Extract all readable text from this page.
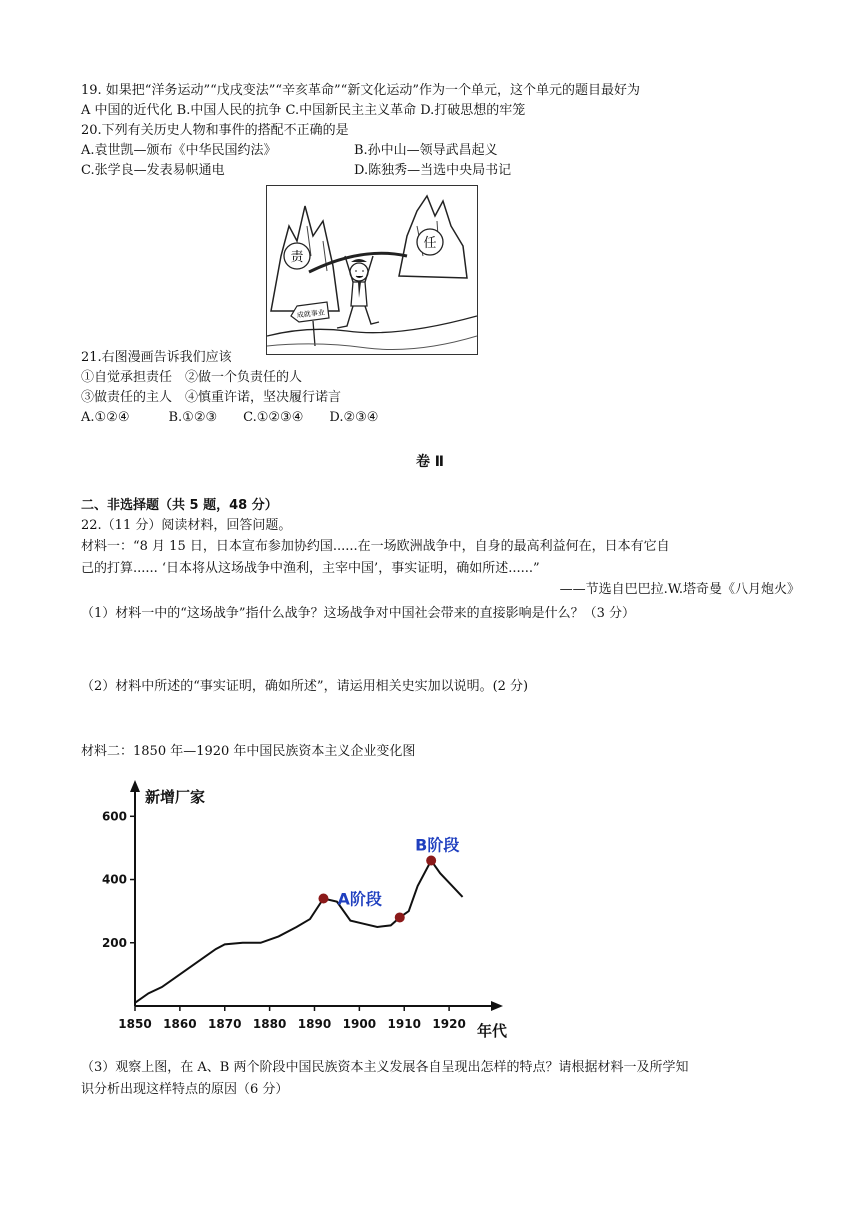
19. 如果把“洋务运动”“戊戌变法”“辛亥革命”“新文化运动”作为一个单元，这个单元的题目最好为
A 中国的近代化 B.中国人民的抗争 C.中国新民主主义革命 D.打破思想的牢笼
20.下列有关历史人物和事件的搭配不正确的是
A.袁世凯—颁布《中华民国约法》	B.孙中山—领导武昌起义
C.张学良—发表易帜通电	D.陈独秀—当选中央局书记
责
任
成就事业
21.右图漫画告诉我们应该
①自觉承担责任　②做一个负责任的人
③做责任的主人　④慎重许诺，坚决履行诺言
A.①②④　　　B.①②③　　C.①②③④　　D.②③④
卷 Ⅱ
二、非选择题（共 5 题，48 分）
22.（11 分）阅读材料，回答问题。
材料一：“8 月 15 日，日本宣布参加协约国......在一场欧洲战争中，自身的最高利益何在，日本有它自
己的打算...... ‘日本将从这场战争中渔利，主宰中国’，事实证明，确如所述......”
——节选自巴巴拉.W.塔奇曼《八月炮火》
（1）材料一中的“这场战争”指什么战争？这场战争对中国社会带来的直接影响是什么？（3 分）
（2）材料中所述的“事实证明，确如所述”，请运用相关史实加以说明。(2 分)
材料二：1850 年—1920 年中国民族资本主义企业变化图
新增厂家
年代
1850 1860 1870 1880 1890 1900 1910 1920
200
400
600
A阶段
B阶段
（3）观察上图，在 A、B 两个阶段中国民族资本主义发展各自呈现出怎样的特点？请根据材料一及所学知
识分析出现这样特点的原因（6 分）
